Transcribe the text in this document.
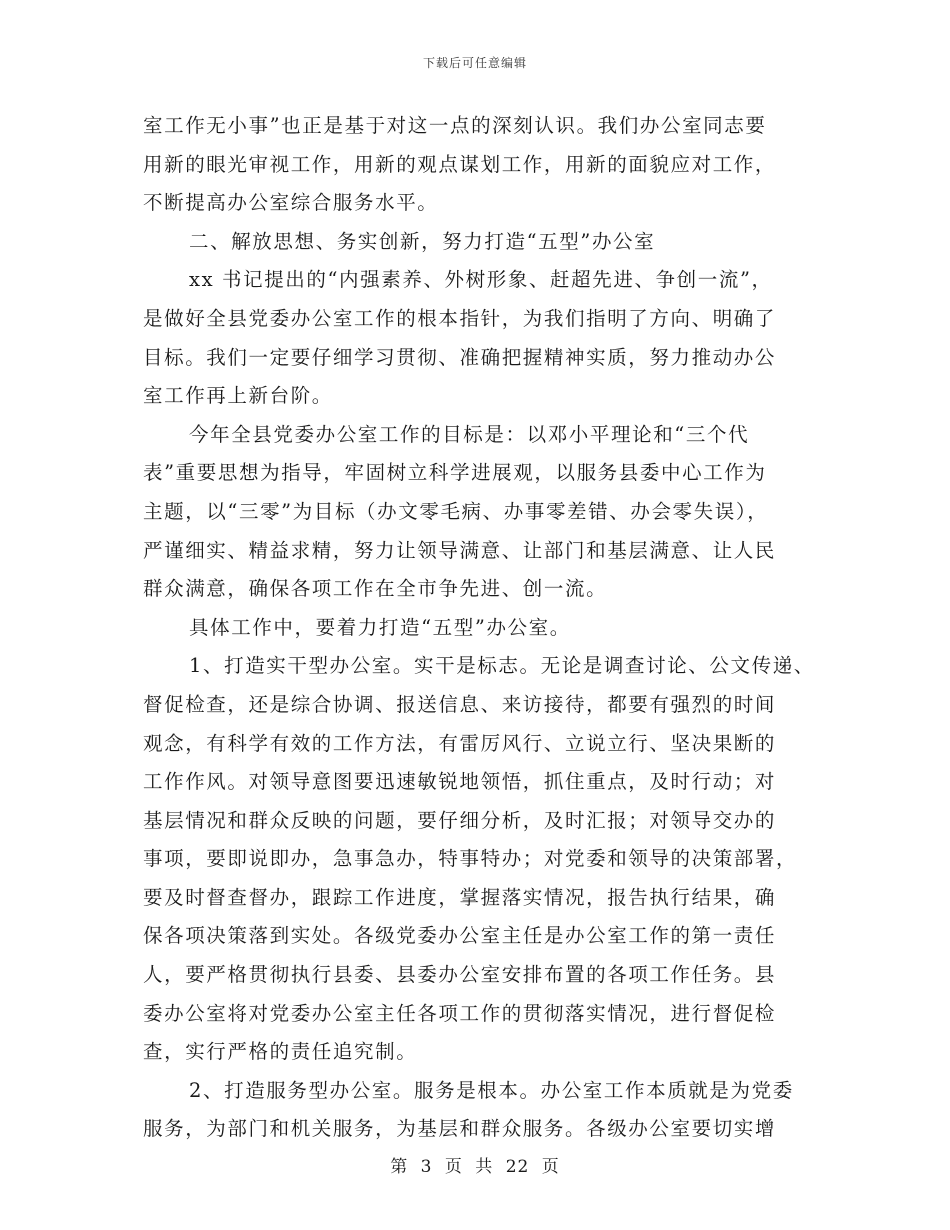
下载后可任意编辑
室工作无小事”也正是基于对这一点的深刻认识。我们办公室同志要
用新的眼光审视工作，用新的观点谋划工作，用新的面貌应对工作，
不断提高办公室综合服务水平。
二、解放思想、务实创新，努力打造“五型”办公室
xx 书记提出的“内强素养、外树形象、赶超先进、争创一流”，
是做好全县党委办公室工作的根本指针，为我们指明了方向、明确了
目标。我们一定要仔细学习贯彻、准确把握精神实质，努力推动办公
室工作再上新台阶。
今年全县党委办公室工作的目标是：以邓小平理论和“三个代
表”重要思想为指导，牢固树立科学进展观，以服务县委中心工作为
主题，以“三零”为目标（办文零毛病、办事零差错、办会零失误），
严谨细实、精益求精，努力让领导满意、让部门和基层满意、让人民
群众满意，确保各项工作在全市争先进、创一流。
具体工作中，要着力打造“五型”办公室。
1、打造实干型办公室。实干是标志。无论是调查讨论、公文传递、
督促检查，还是综合协调、报送信息、来访接待，都要有强烈的时间
观念，有科学有效的工作方法，有雷厉风行、立说立行、坚决果断的
工作作风。对领导意图要迅速敏锐地领悟，抓住重点，及时行动；对
基层情况和群众反映的问题，要仔细分析，及时汇报；对领导交办的
事项，要即说即办，急事急办，特事特办；对党委和领导的决策部署，
要及时督查督办，跟踪工作进度，掌握落实情况，报告执行结果，确
保各项决策落到实处。各级党委办公室主任是办公室工作的第一责任
人，要严格贯彻执行县委、县委办公室安排布置的各项工作任务。县
委办公室将对党委办公室主任各项工作的贯彻落实情况，进行督促检
查，实行严格的责任追究制。
2、打造服务型办公室。服务是根本。办公室工作本质就是为党委
服务，为部门和机关服务，为基层和群众服务。各级办公室要切实增
第 3 页 共 22 页
